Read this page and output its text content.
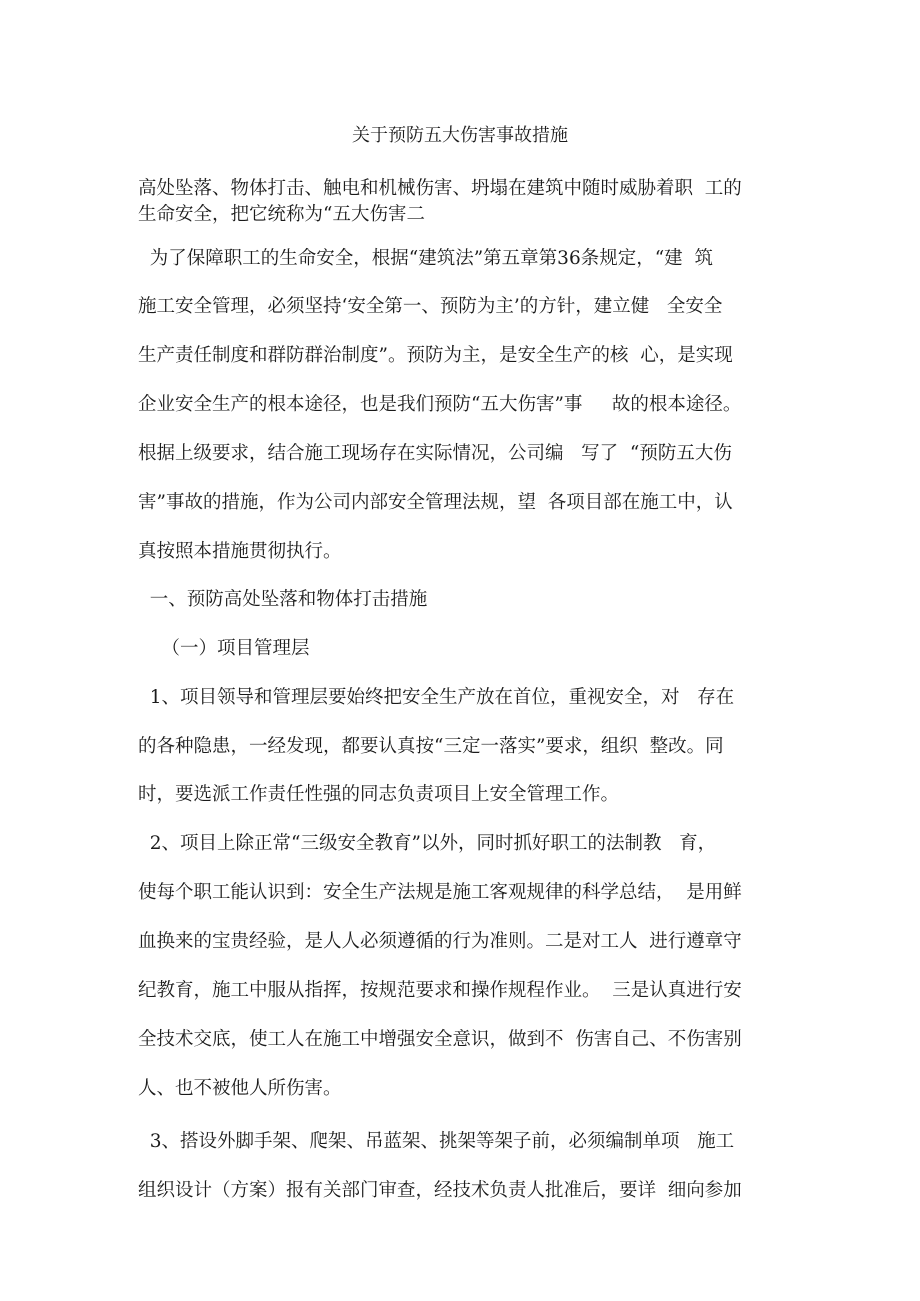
关于预防五大伤害事故措施
高处坠落、物体打击、触电和机械伤害、坍塌在建筑中随时威胁着职  工的
生命安全，把它统称为“五大伤害二
为了保障职工的生命安全，根据“建筑法”第五章第36条规定，“建  筑
施工安全管理，必须坚持‘安全第一、预防为主’的方针，建立健   全安全
生产责任制度和群防群治制度”。预防为主，是安全生产的核  心，是实现
企业安全生产的根本途径，也是我们预防“五大伤害”事     故的根本途径。
根据上级要求，结合施工现场存在实际情况，公司编   写了  “预防五大伤
害”事故的措施，作为公司内部安全管理法规，望  各项目部在施工中，认
真按照本措施贯彻执行。
一、预防高处坠落和物体打击措施
（一）项目管理层
1、项目领导和管理层要始终把安全生产放在首位，重视安全，对   存在
的各种隐患，一经发现，都要认真按“三定一落实”要求，组织  整改。同
时，要选派工作责任性强的同志负责项目上安全管理工作。
2、项目上除正常“三级安全教育”以外，同时抓好职工的法制教   育，
使每个职工能认识到：安全生产法规是施工客观规律的科学总结，  是用鲜
血换来的宝贵经验，是人人必须遵循的行为准则。二是对工人  进行遵章守
纪教育，施工中服从指挥，按规范要求和操作规程作业。  三是认真进行安
全技术交底，使工人在施工中增强安全意识，做到不  伤害自己、不伤害别
人、也不被他人所伤害。
3、搭设外脚手架、爬架、吊蓝架、挑架等架子前，必须编制单项   施工
组织设计（方案）报有关部门审查，经技术负责人批准后，要详  细向参加
